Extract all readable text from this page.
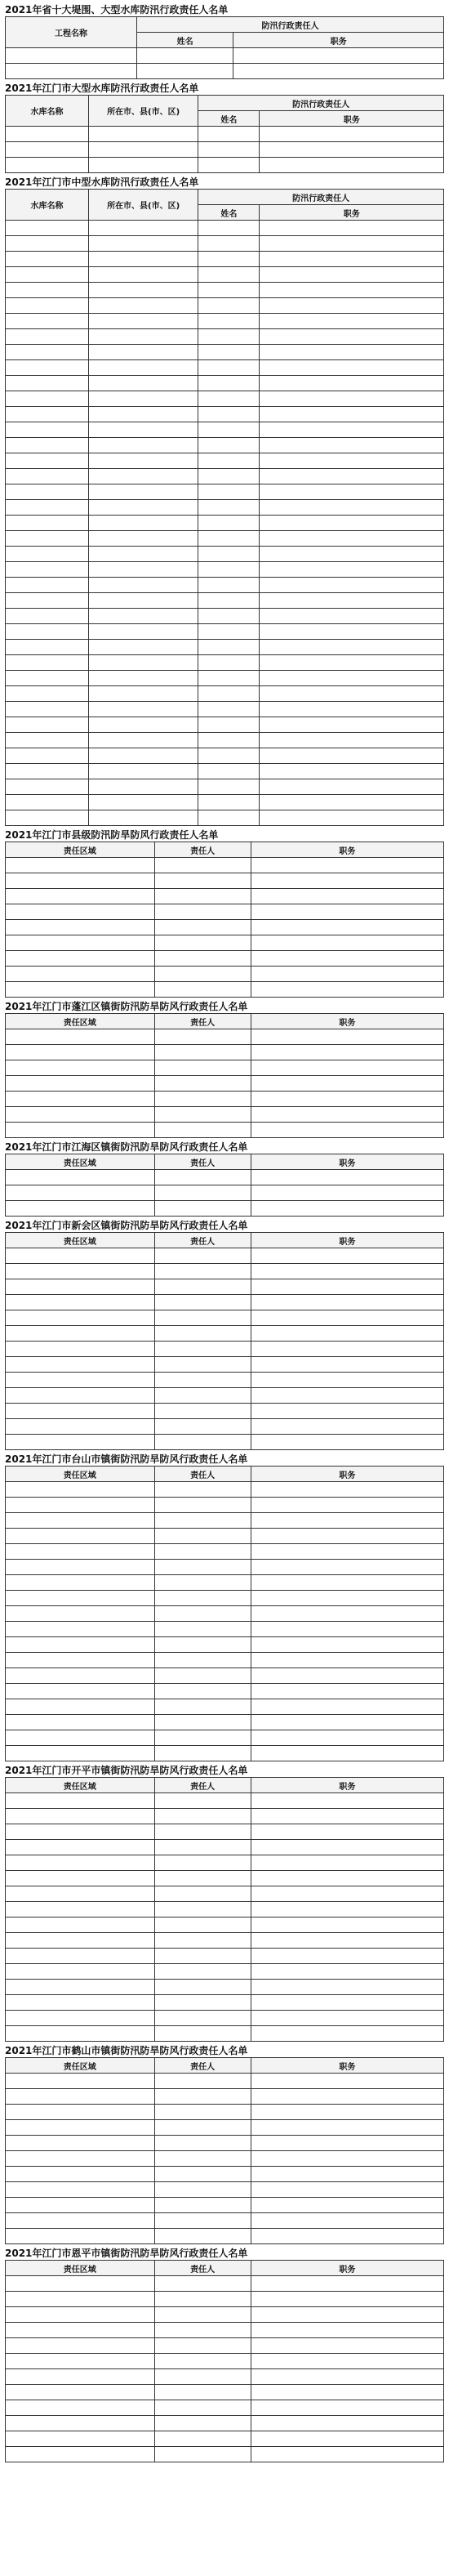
2021年省十大堤围、大型水库防汛行政责任人名单
工程名称	防汛行政责任人	
	姓名	职务

2021年江门市大型水库防汛行政责任人名单
水库名称	所在市、县(市、区)	防汛行政责任人	
		姓名	职务

2021年江门市中型水库防汛行政责任人名单
水库名称	所在市、县(市、区)	防汛行政责任人	
		姓名	职务

2021年江门市县级防汛防旱防风行政责任人名单
责任区域	责任人	职务

2021年江门市蓬江区镇街防汛防旱防风行政责任人名单
责任区域	责任人	职务

2021年江门市江海区镇街防汛防旱防风行政责任人名单
责任区域	责任人	职务

2021年江门市新会区镇街防汛防旱防风行政责任人名单
责任区域	责任人	职务

2021年江门市台山市镇街防汛防旱防风行政责任人名单
责任区域	责任人	职务

2021年江门市开平市镇街防汛防旱防风行政责任人名单
责任区域	责任人	职务

2021年江门市鹤山市镇街防汛防旱防风行政责任人名单
责任区域	责任人	职务

2021年江门市恩平市镇街防汛防旱防风行政责任人名单
责任区域	责任人	职务
